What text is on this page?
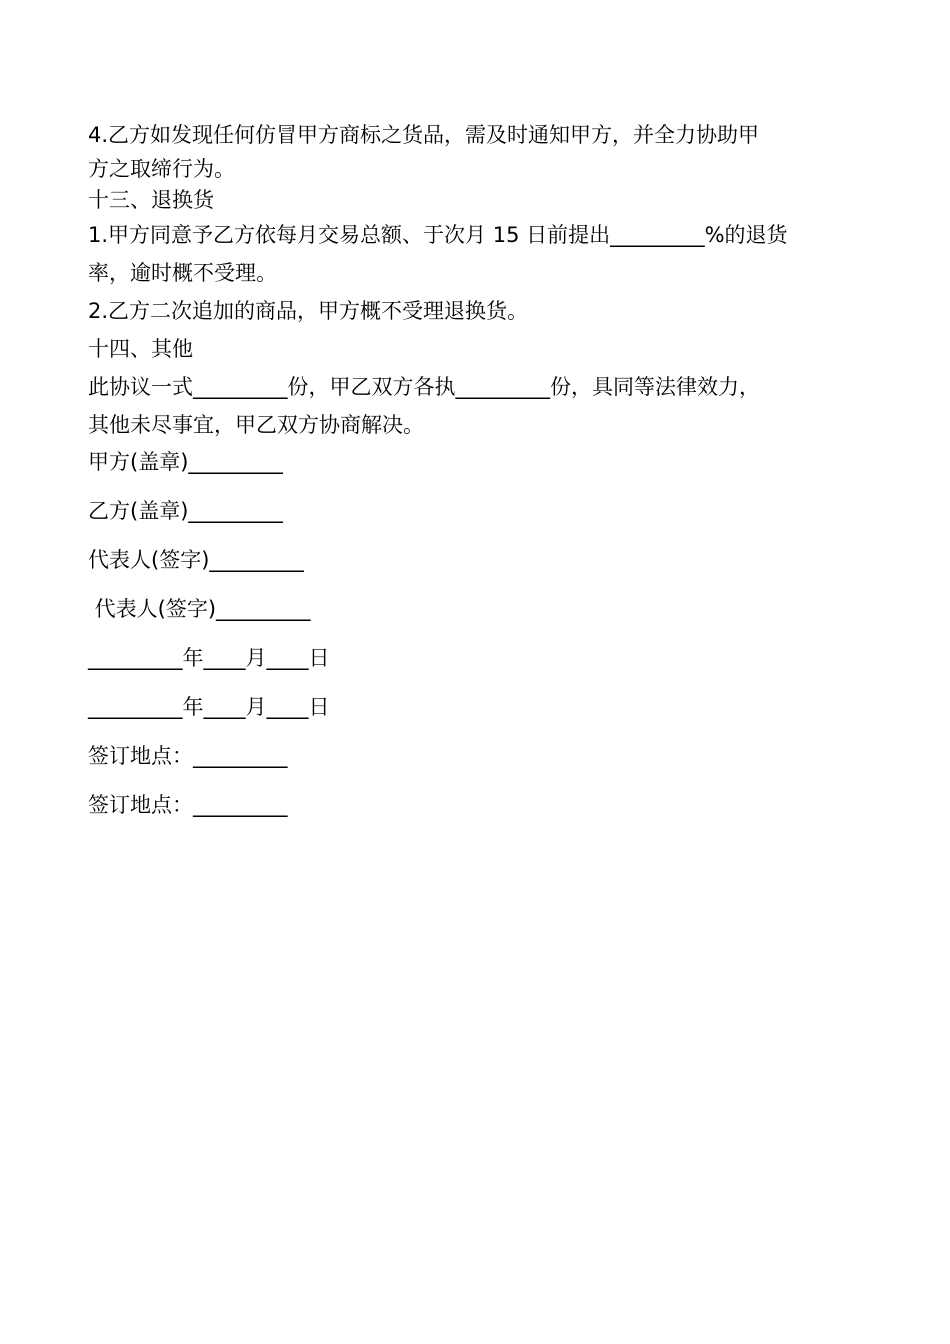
4.乙方如发现任何仿冒甲方商标之货品，需及时通知甲方，并全力协助甲

方之取缔行为。

十三、退换货

1.甲方同意予乙方依每月交易总额、于次月 15 日前提出_________%的退货

率，逾时概不受理。

2.乙方二次追加的商品，甲方概不受理退换货。

十四、其他

此协议一式_________份，甲乙双方各执_________份，具同等法律效力，

其他未尽事宜，甲乙双方协商解决。

甲方(盖章)_________

乙方(盖章)_________

代表人(签字)_________

代表人(签字)_________

_________年____月____日

_________年____月____日

签订地点：_________

签订地点：_________
